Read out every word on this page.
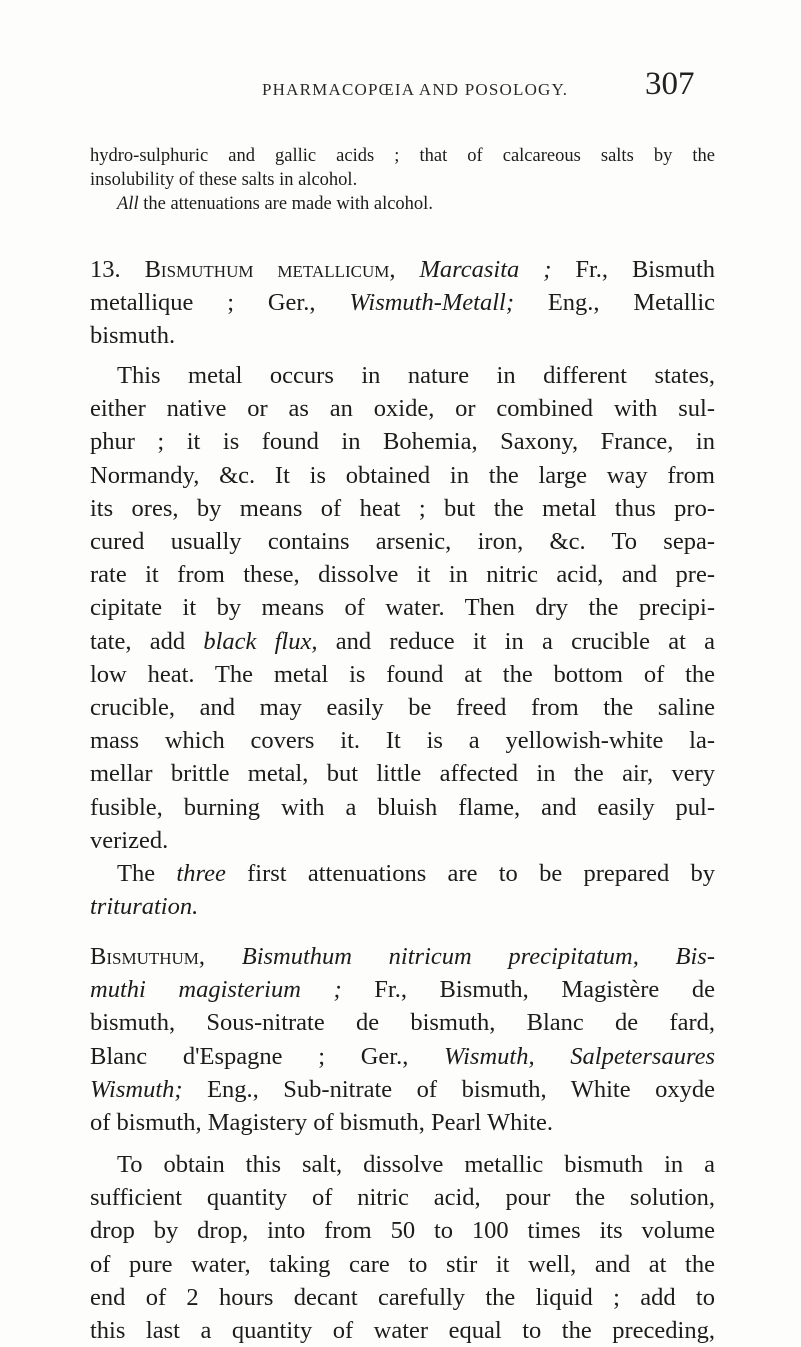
PHARMACOPŒIA AND POSOLOGY. 307
hydro-sulphuric and gallic acids ; that of calcareous salts by the
insolubility of these salts in alcohol.
All the attenuations are made with alcohol.
13. Bismuthum metallicum, Marcasita ; Fr., Bismuth
metallique ; Ger., Wismuth-Metall; Eng., Metallic
bismuth.
This metal occurs in nature in different states,
either native or as an oxide, or combined with sul-
phur ; it is found in Bohemia, Saxony, France, in
Normandy, &c. It is obtained in the large way from
its ores, by means of heat ; but the metal thus pro-
cured usually contains arsenic, iron, &c. To sepa-
rate it from these, dissolve it in nitric acid, and pre-
cipitate it by means of water. Then dry the precipi-
tate, add black flux, and reduce it in a crucible at a
low heat. The metal is found at the bottom of the
crucible, and may easily be freed from the saline
mass which covers it. It is a yellowish-white la-
mellar brittle metal, but little affected in the air, very
fusible, burning with a bluish flame, and easily pul-
verized.
The three first attenuations are to be prepared by
trituration.
Bismuthum, Bismuthum nitricum precipitatum, Bis-
muthi magisterium ; Fr., Bismuth, Magistère de
bismuth, Sous-nitrate de bismuth, Blanc de fard,
Blanc d'Espagne ; Ger., Wismuth, Salpetersaures
Wismuth; Eng., Sub-nitrate of bismuth, White oxyde
of bismuth, Magistery of bismuth, Pearl White.
To obtain this salt, dissolve metallic bismuth in a
sufficient quantity of nitric acid, pour the solution,
drop by drop, into from 50 to 100 times its volume
of pure water, taking care to stir it well, and at the
end of 2 hours decant carefully the liquid ; add to
this last a quantity of water equal to the preceding,
